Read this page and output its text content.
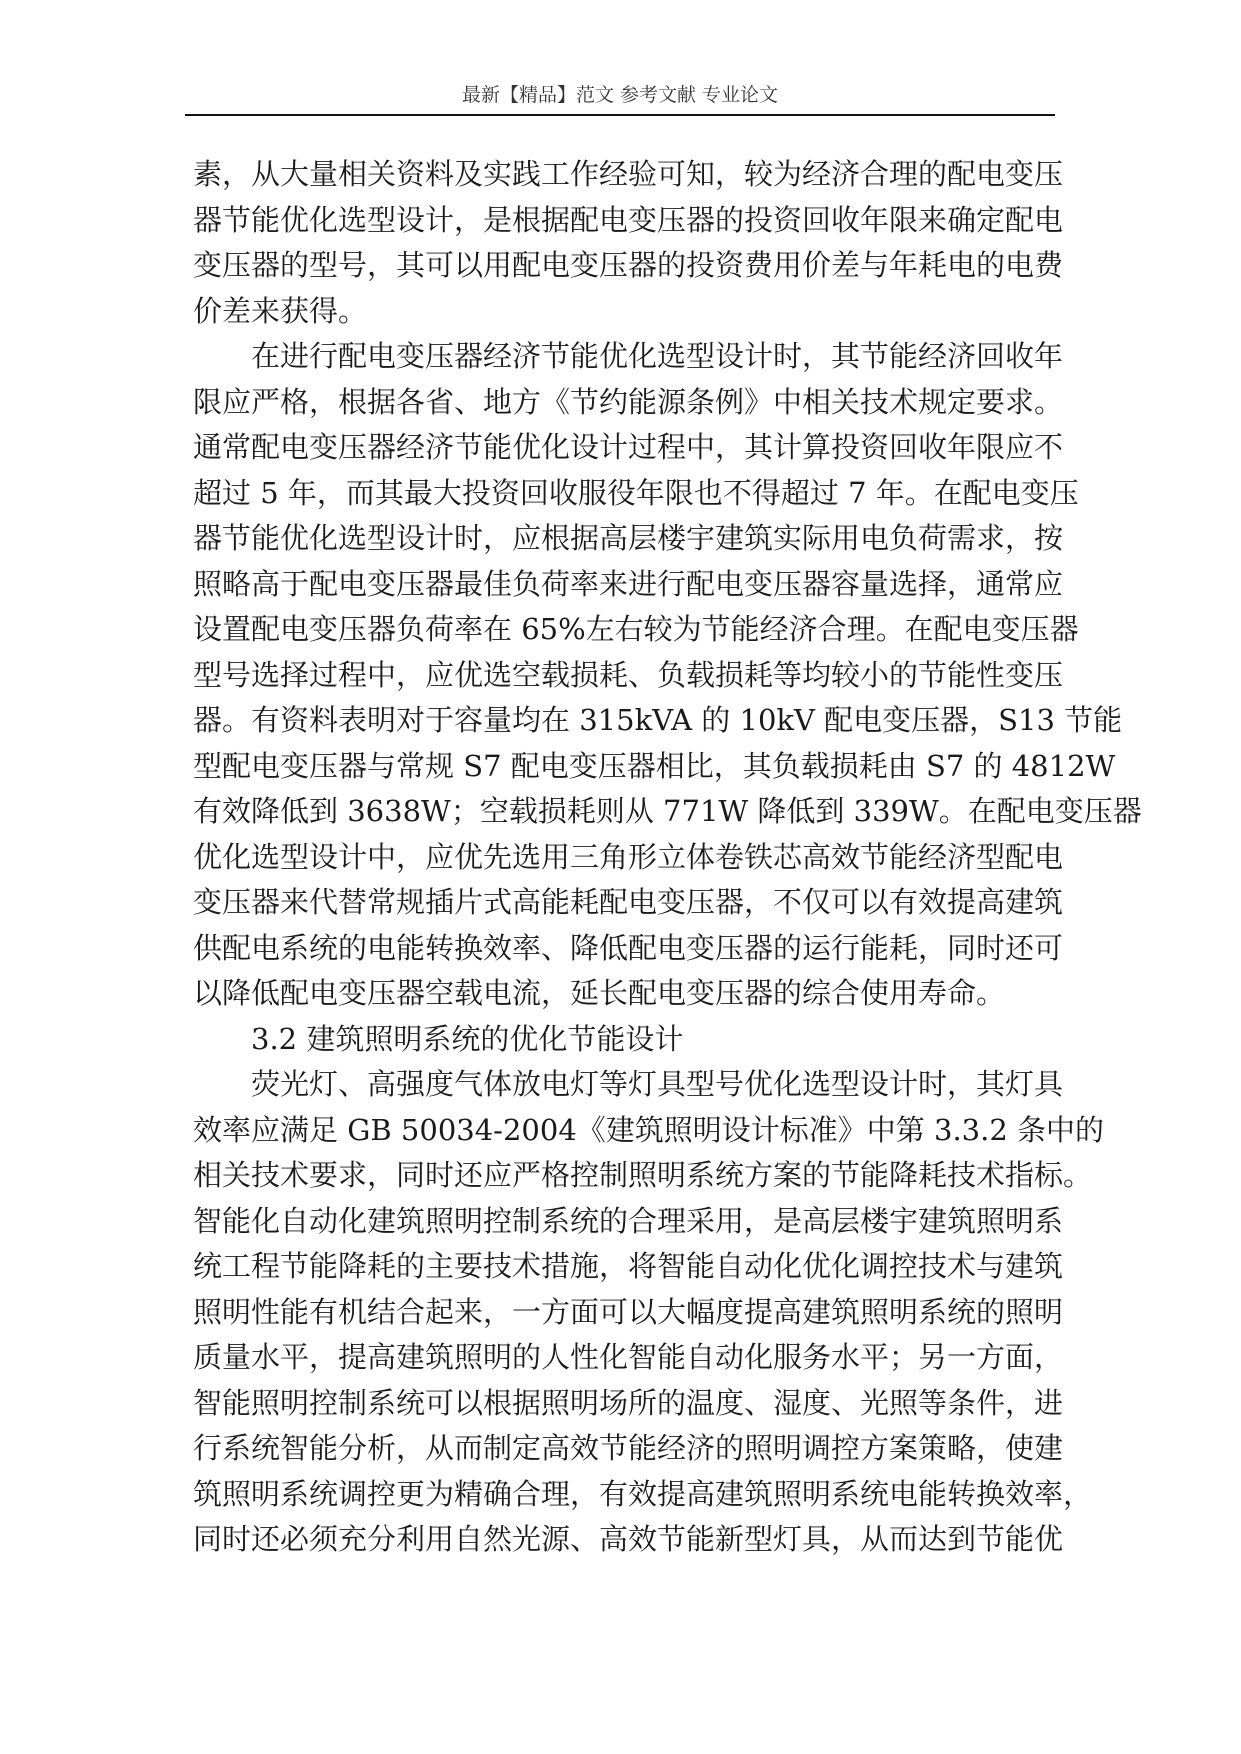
最新【精品】范文 参考文献 专业论文
素，从大量相关资料及实践工作经验可知，较为经济合理的配电变压
器节能优化选型设计，是根据配电变压器的投资回收年限来确定配电
变压器的型号，其可以用配电变压器的投资费用价差与年耗电的电费
价差来获得。
在进行配电变压器经济节能优化选型设计时，其节能经济回收年
限应严格，根据各省、地方《节约能源条例》中相关技术规定要求。
通常配电变压器经济节能优化设计过程中，其计算投资回收年限应不
超过 5 年，而其最大投资回收服役年限也不得超过 7 年。在配电变压
器节能优化选型设计时，应根据高层楼宇建筑实际用电负荷需求，按
照略高于配电变压器最佳负荷率来进行配电变压器容量选择，通常应
设置配电变压器负荷率在 65%左右较为节能经济合理。在配电变压器
型号选择过程中，应优选空载损耗、负载损耗等均较小的节能性变压
器。有资料表明对于容量均在 315kVA 的 10kV 配电变压器，S13 节能
型配电变压器与常规 S7 配电变压器相比，其负载损耗由 S7 的 4812W
有效降低到 3638W；空载损耗则从 771W 降低到 339W。在配电变压器
优化选型设计中，应优先选用三角形立体卷铁芯高效节能经济型配电
变压器来代替常规插片式高能耗配电变压器，不仅可以有效提高建筑
供配电系统的电能转换效率、降低配电变压器的运行能耗，同时还可
以降低配电变压器空载电流，延长配电变压器的综合使用寿命。
3.2 建筑照明系统的优化节能设计
荧光灯、高强度气体放电灯等灯具型号优化选型设计时，其灯具
效率应满足 GB 50034-2004《建筑照明设计标准》中第 3.3.2 条中的
相关技术要求，同时还应严格控制照明系统方案的节能降耗技术指标。
智能化自动化建筑照明控制系统的合理采用，是高层楼宇建筑照明系
统工程节能降耗的主要技术措施，将智能自动化优化调控技术与建筑
照明性能有机结合起来，一方面可以大幅度提高建筑照明系统的照明
质量水平，提高建筑照明的人性化智能自动化服务水平；另一方面，
智能照明控制系统可以根据照明场所的温度、湿度、光照等条件，进
行系统智能分析，从而制定高效节能经济的照明调控方案策略，使建
筑照明系统调控更为精确合理，有效提高建筑照明系统电能转换效率，
同时还必须充分利用自然光源、高效节能新型灯具，从而达到节能优
